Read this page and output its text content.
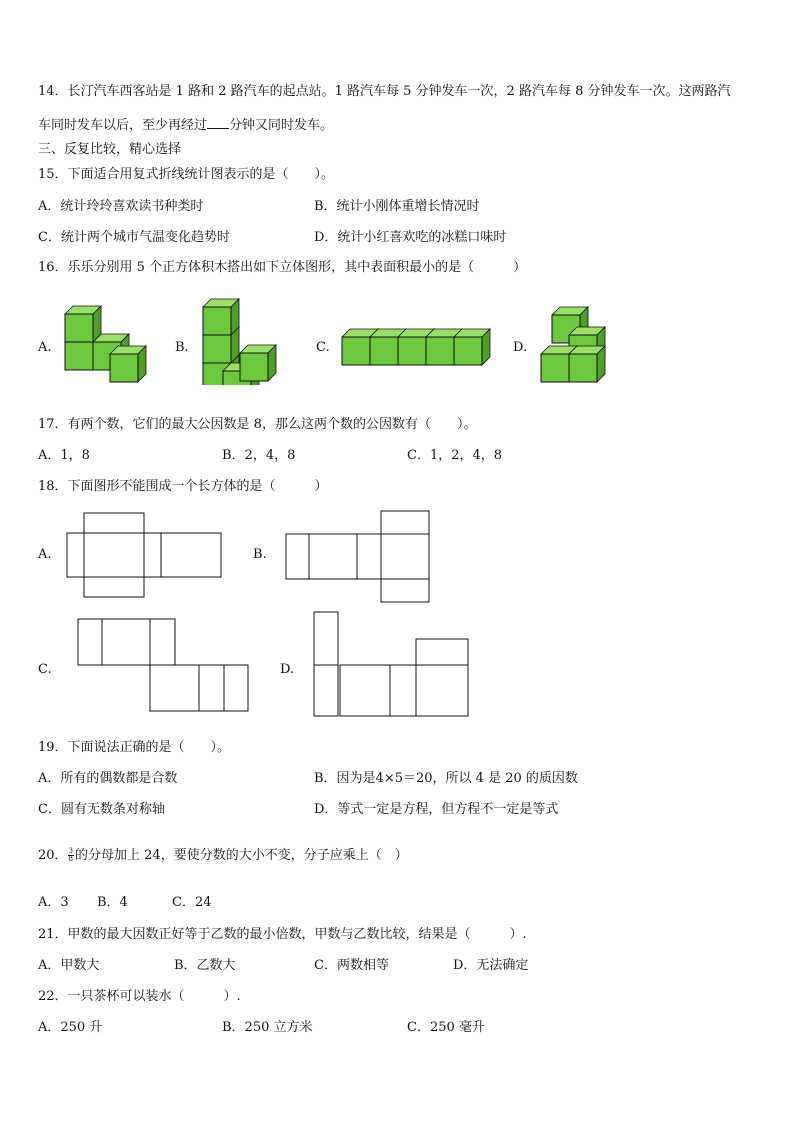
14．长汀汽车西客站是 1 路和 2 路汽车的起点站。1 路汽车每 5 分钟发车一次，2 路汽车每 8 分钟发车一次。这两路汽
车同时发车以后，至少再经过 分钟又同时发车。
三、反复比较，精心选择
15．下面适合用复式折线统计图表示的是（　　）。
A．统计玲玲喜欢读书种类时	B．统计小刚体重增长情况时
C．统计两个城市气温变化趋势时	D．统计小红喜欢吃的冰糕口味时
16．乐乐分别用 5 个正方体积木搭出如下立体图形，其中表面积最小的是（　　　）
A.	B.	C.	D.
17．有两个数，它们的最大公因数是 8，那么这两个数的公因数有（　　）。
A．1，8	B．2，4，8	C．1，2，4，8
18．下面图形不能围成一个长方体的是（　　　）
A.	B.
C.	D.
19．下面说法正确的是（　　）。
A．所有的偶数都是合数	B．因为是4×5＝20，所以 4 是 20 的质因数
C．圆有无数条对称轴	D．等式一定是方程，但方程不一定是等式
20． $\frac{3}{8}$ 的分母加上 24，要使分数的大小不变，分子应乘上（　）
A．3 B．4	C．24
21．甲数的最大因数正好等于乙数的最小倍数，甲数与乙数比较，结果是（　　　）.
A．甲数大	B．乙数大	C．两数相等	D．无法确定
22．一只茶杯可以装水（　　　）.
A．250 升	B．250 立方米	C．250 毫升
